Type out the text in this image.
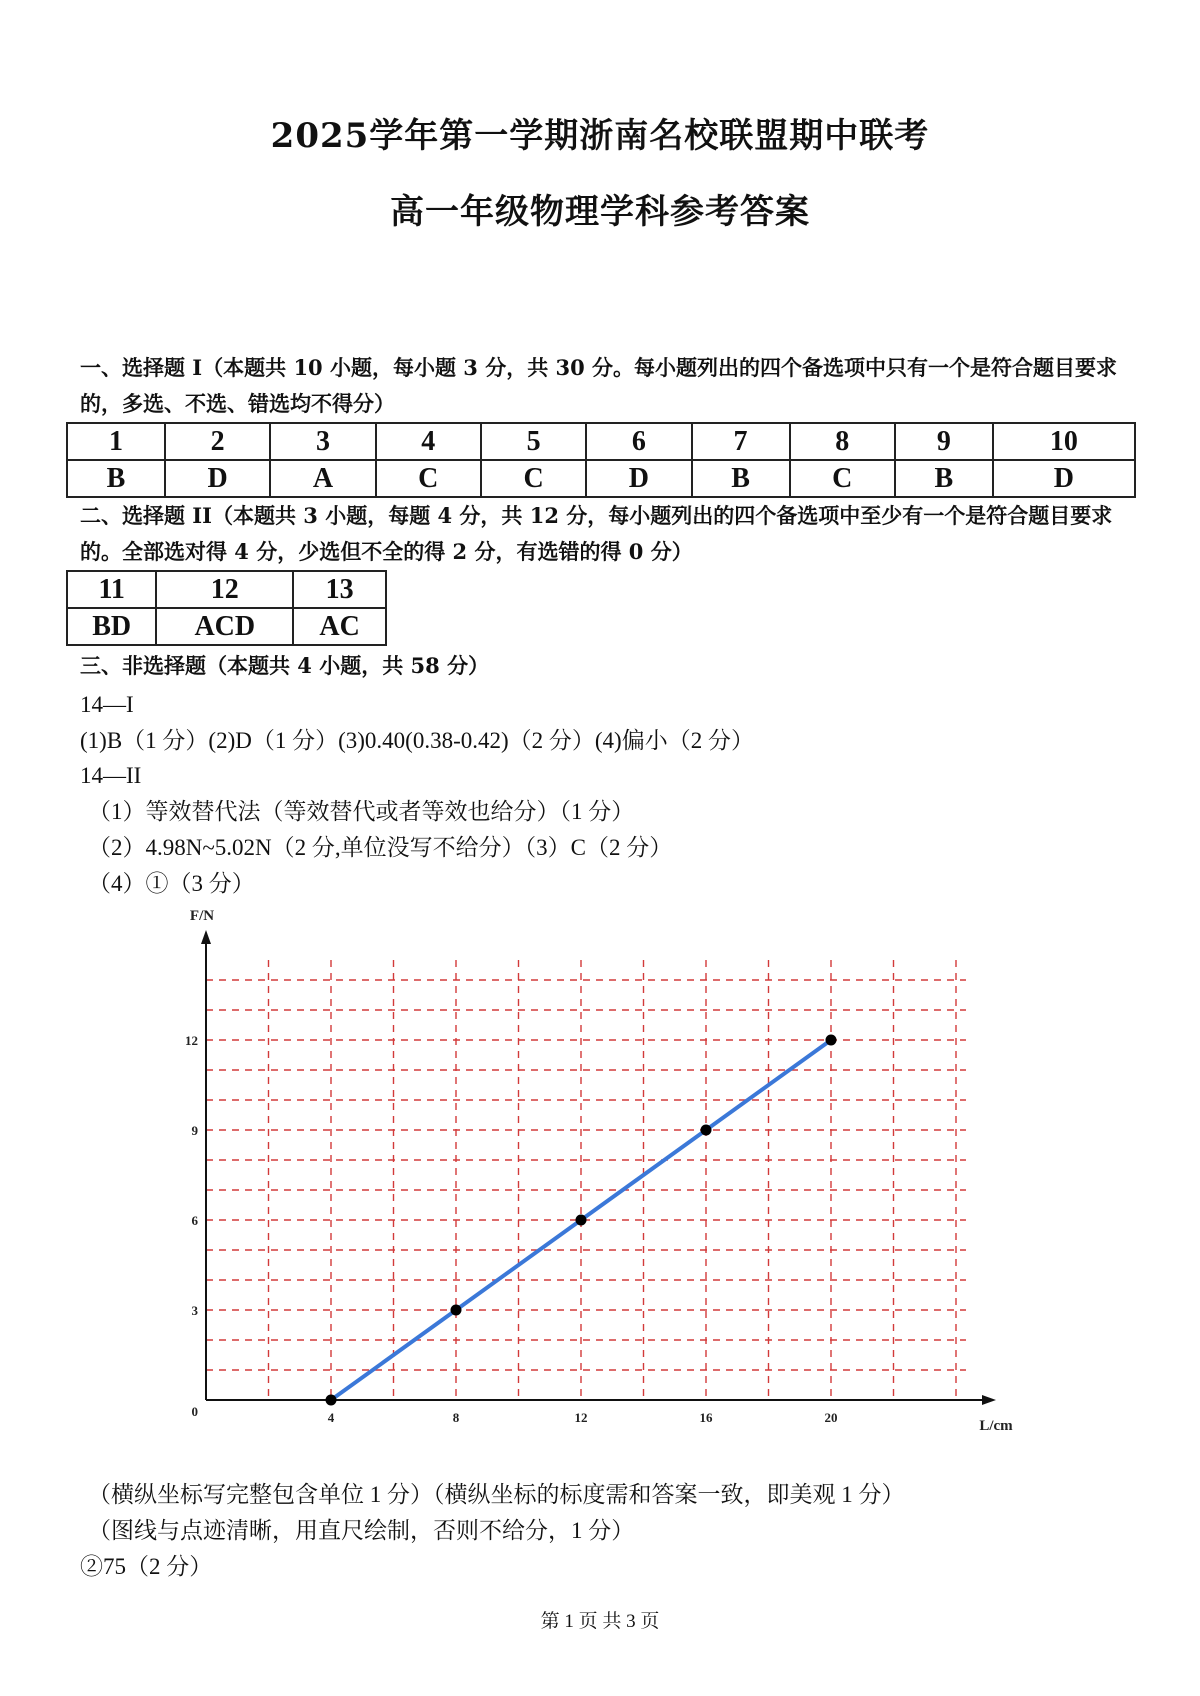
2025学年第一学期浙南名校联盟期中联考
高一年级物理学科参考答案
一、选择题 I（本题共 10 小题，每小题 3 分，共 30 分。每小题列出的四个备选项中只有一个是符合题目要求的，多选、不选、错选均不得分）
1	2	3	4	5	6	7	8	9	10
B	D	A	C	C	D	B	C	B	D
二、选择题 II（本题共 3 小题，每题 4 分，共 12 分，每小题列出的四个备选项中至少有一个是符合题目要求的。全部选对得 4 分，少选但不全的得 2 分，有选错的得 0 分）
11	12	13
BD	ACD	AC
三、非选择题（本题共 4 小题，共 58 分）
14—I
(1)B（1 分）(2)D（1 分）(3)0.40(0.38-0.42)（2 分）(4)偏小（2 分）
14—II
（1）等效替代法（等效替代或者等效也给分）（1 分）
（2）4.98N~5.02N（2 分,单位没写不给分）（3）C（2 分）
（4）①（3 分）
4	8	12	16	20
3
6
9
12
0
L/cm
F/N
（横纵坐标写完整包含单位 1 分）（横纵坐标的标度需和答案一致，即美观 1 分）
（图线与点迹清晰，用直尺绘制，否则不给分，1 分）
②75（2 分）
第 1 页 共 3 页
